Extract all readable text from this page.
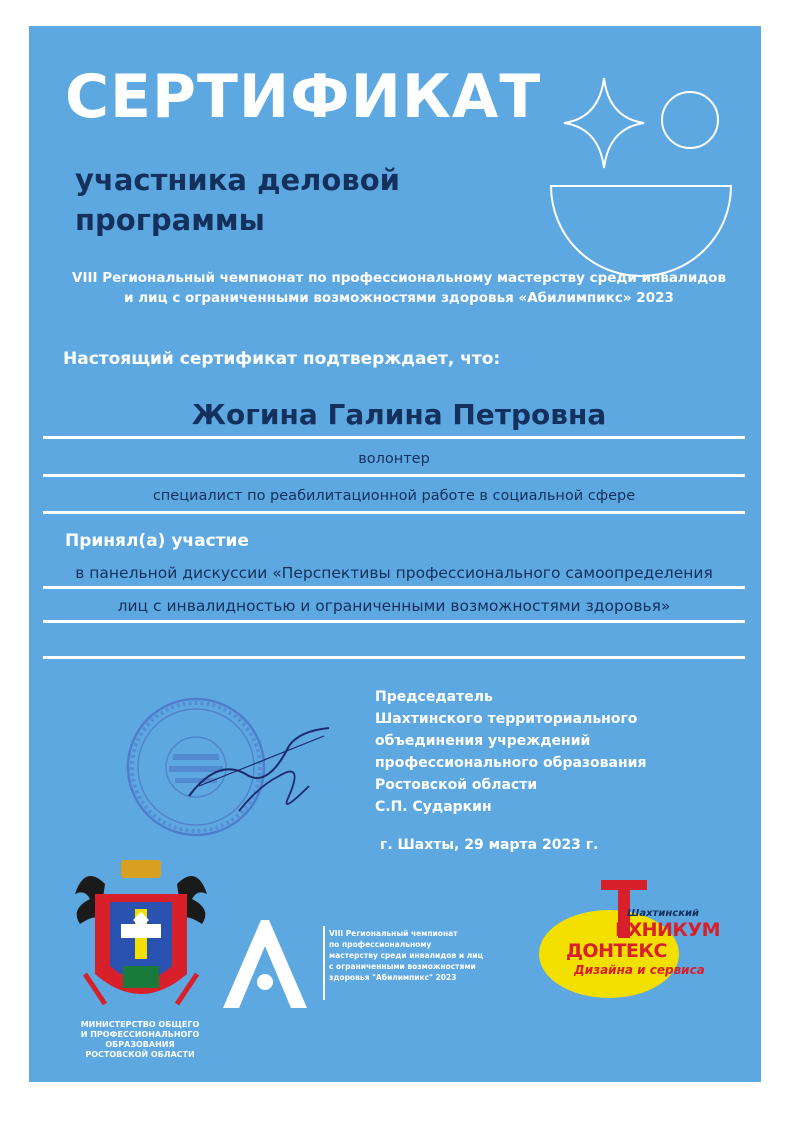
СЕРТИФИКАТ
участника деловой программы
VIII Региональный чемпионат по профессиональному мастерству среди инвалидов
и лиц с ограниченными возможностями здоровья «Абилимпикс» 2023
Настоящий сертификат подтверждает, что:
Жогина Галина Петровна
волонтер
специалист по реабилитационной работе в социальной сфере
Принял(а) участие
в панельной дискуссии «Перспективы профессионального самоопределения
лиц с инвалидностью и ограниченными возможностями здоровья»
Председатель
Шахтинского территориального
объединения учреждений
профессионального образования
Ростовской области
С.П. Сударкин
г. Шахты, 29 марта 2023 г.
МИНИСТЕРСТВО ОБЩЕГО
И ПРОФЕССИОНАЛЬНОГО
ОБРАЗОВАНИЯ
РОСТОВСКОЙ ОБЛАСТИ
VIII Региональный чемпионат
по профессиональному
мастерству среди инвалидов и лиц
с ограниченными возможностями
здоровья "Абилимпикс" 2023
Шахтинский
ЕХНИКУМ
ДОНТЕКС
Дизайна и сервиса
